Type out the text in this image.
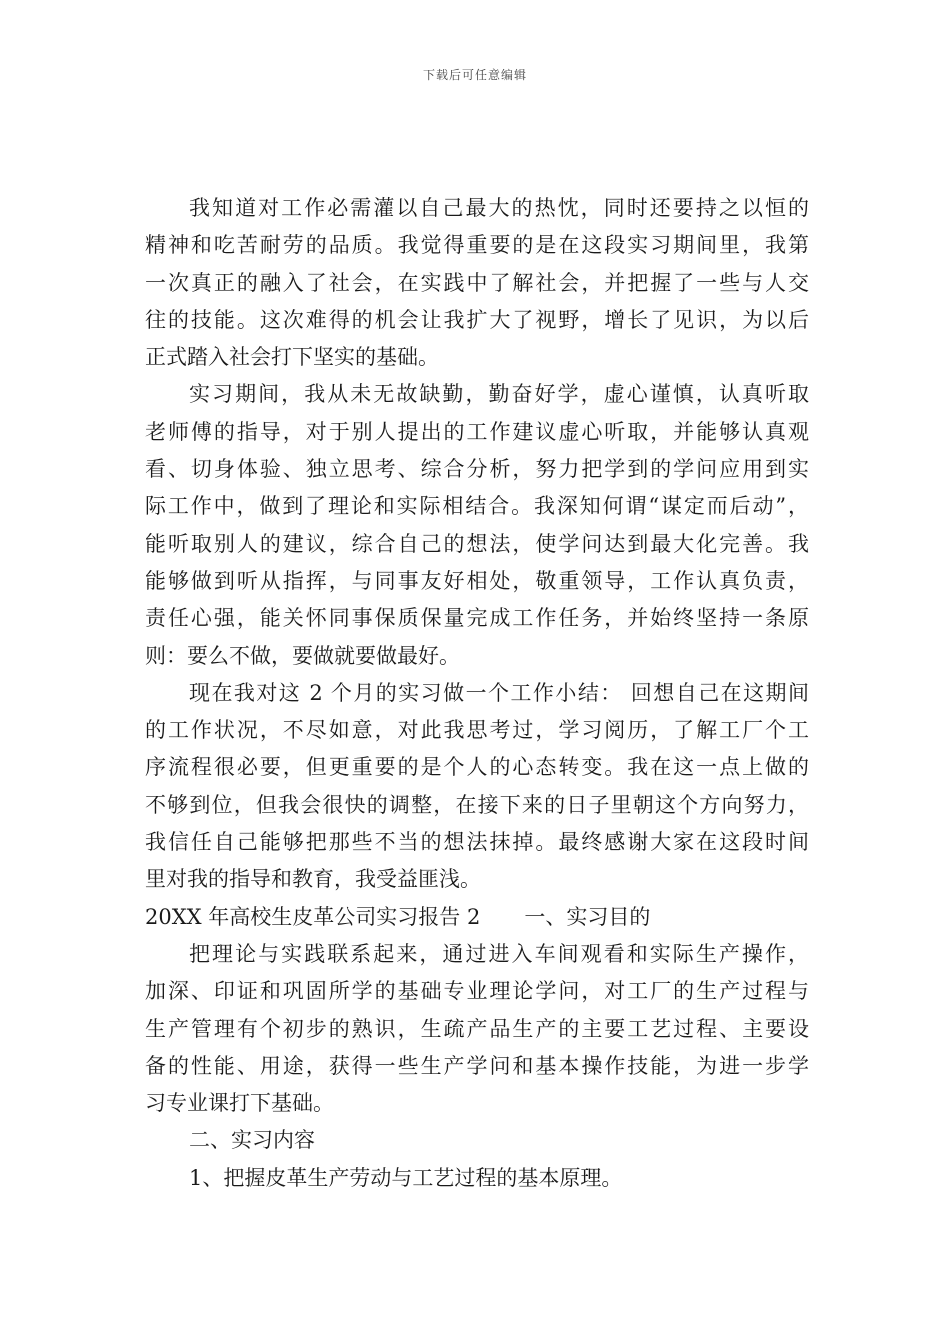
下载后可任意编辑
我知道对工作必需灌以自己最大的热忱，同时还要持之以恒的
精神和吃苦耐劳的品质。我觉得重要的是在这段实习期间里，我第
一次真正的融入了社会，在实践中了解社会，并把握了一些与人交
往的技能。这次难得的机会让我扩大了视野，增长了见识，为以后
正式踏入社会打下坚实的基础。
实习期间，我从未无故缺勤，勤奋好学，虚心谨慎，认真听取
老师傅的指导，对于别人提出的工作建议虚心听取，并能够认真观
看、切身体验、独立思考、综合分析，努力把学到的学问应用到实
际工作中，做到了理论和实际相结合。我深知何谓“谋定而后动”，
能听取别人的建议，综合自己的想法，使学问达到最大化完善。我
能够做到听从指挥，与同事友好相处，敬重领导，工作认真负责，
责任心强，能关怀同事保质保量完成工作任务，并始终坚持一条原
则：要么不做，要做就要做最好。
现在我对这 2 个月的实习做一个工作小结： 回想自己在这期间
的工作状况，不尽如意，对此我思考过，学习阅历，了解工厂个工
序流程很必要，但更重要的是个人的心态转变。我在这一点上做的
不够到位，但我会很快的调整，在接下来的日子里朝这个方向努力，
我信任自己能够把那些不当的想法抹掉。最终感谢大家在这段时间
里对我的指导和教育，我受益匪浅。
20XX 年高校生皮革公司实习报告 2 一、实习目的
把理论与实践联系起来，通过进入车间观看和实际生产操作，
加深、印证和巩固所学的基础专业理论学问，对工厂的生产过程与
生产管理有个初步的熟识，生疏产品生产的主要工艺过程、主要设
备的性能、用途，获得一些生产学问和基本操作技能，为进一步学
习专业课打下基础。
二、实习内容
1、把握皮革生产劳动与工艺过程的基本原理。
